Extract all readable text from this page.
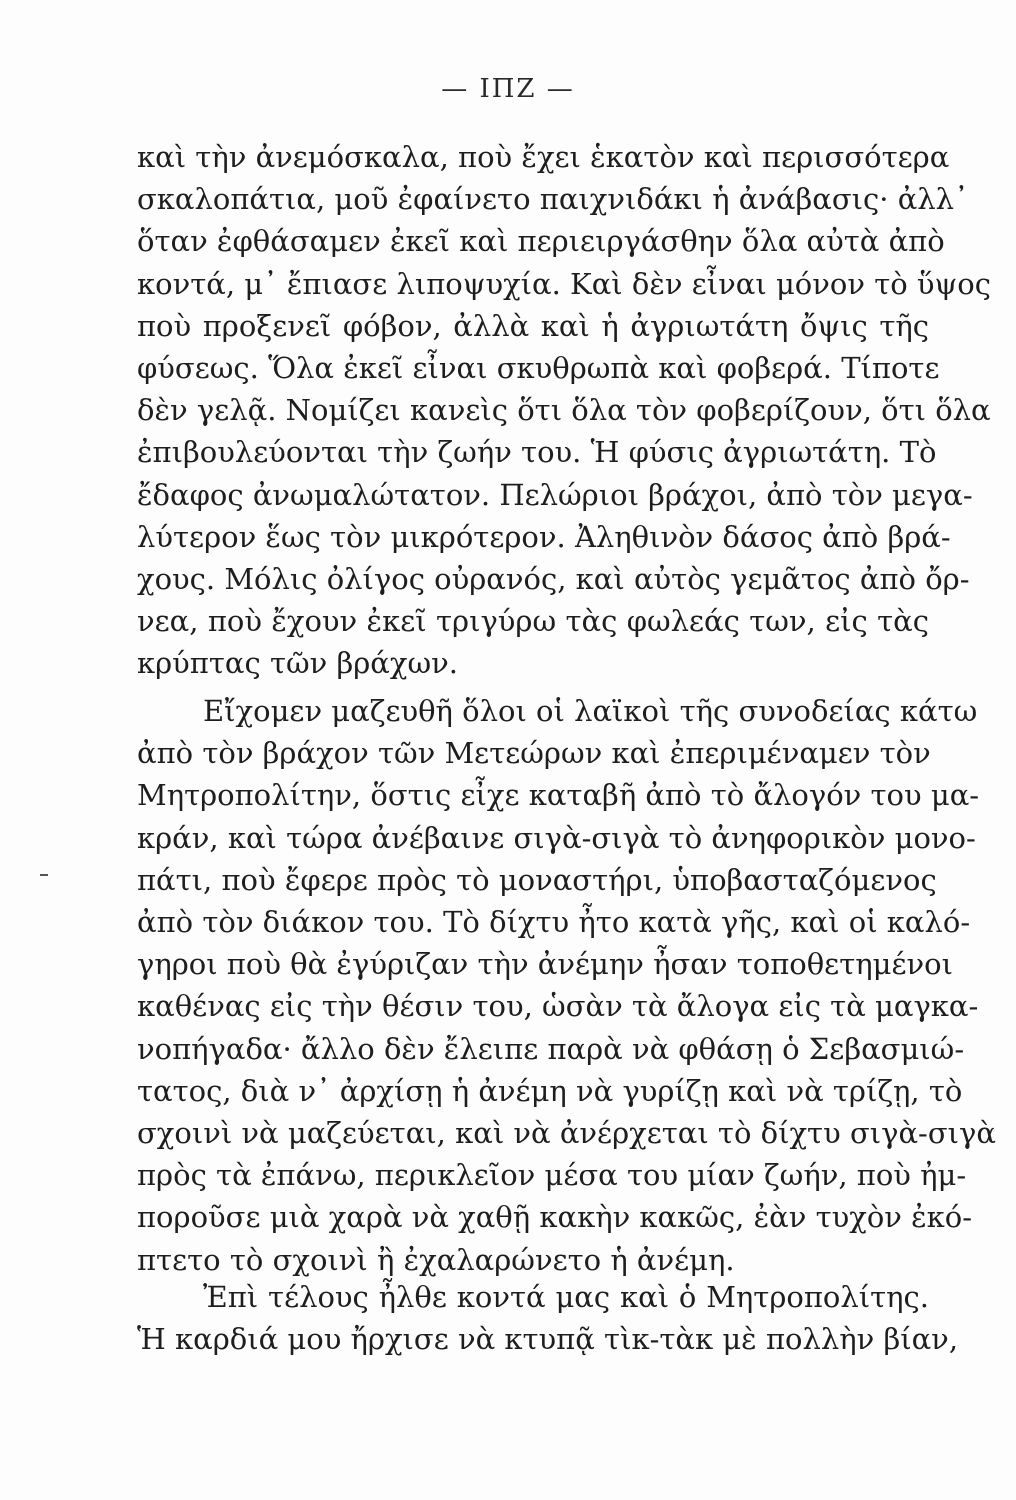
— ΙΠΖ —
καὶ τὴν ἀνεμόσκαλα, ποὺ ἔχει ἑκατὸν καὶ περισσότερα
σκαλοπάτια, μοῦ ἐφαίνετο παιχνιδάκι ἡ ἀνάβασις· ἀλλ᾽
ὅταν ἐφθάσαμεν ἐκεῖ καὶ περιειργάσθην ὅλα αὐτὰ ἀπὸ
κοντά, μ᾽ ἔπιασε λιποψυχία. Καὶ δὲν εἶναι μόνον τὸ ὕψος
ποὺ προξενεῖ φόβον, ἀλλὰ καὶ ἡ ἀγριωτάτη ὄψις τῆς
φύσεως. Ὅλα ἐκεῖ εἶναι σκυθρωπὰ καὶ φοβερά. Τίποτε
δὲν γελᾷ. Νομίζει κανεὶς ὅτι ὅλα τὸν φοβερίζουν, ὅτι ὅλα
ἐπιβουλεύονται τὴν ζωήν του. Ἡ φύσις ἀγριωτάτη. Τὸ
ἔδαφος ἀνωμαλώτατον. Πελώριοι βράχοι, ἀπὸ τὸν μεγα-
λύτερον ἕως τὸν μικρότερον. Ἀληθινὸν δάσος ἀπὸ βρά-
χους. Μόλις ὀλίγος οὐρανός, καὶ αὐτὸς γεμᾶτος ἀπὸ ὄρ-
νεα, ποὺ ἔχουν ἐκεῖ τριγύρω τὰς φωλεάς των, εἰς τὰς
κρύπτας τῶν βράχων.
Εἴχομεν μαζευθῆ ὅλοι οἱ λαϊκοὶ τῆς συνοδείας κάτω
ἀπὸ τὸν βράχον τῶν Μετεώρων καὶ ἐπεριμέναμεν τὸν
Μητροπολίτην, ὅστις εἶχε καταβῆ ἀπὸ τὸ ἄλογόν του μα-
κράν, καὶ τώρα ἀνέβαινε σιγὰ-σιγὰ τὸ ἀνηφορικὸν μονο-
πάτι, ποὺ ἔφερε πρὸς τὸ μοναστήρι, ὑποβασταζόμενος
ἀπὸ τὸν διάκον του. Τὸ δίχτυ ἦτο κατὰ γῆς, καὶ οἱ καλό-
γηροι ποὺ θὰ ἐγύριζαν τὴν ἀνέμην ἦσαν τοποθετημένοι
καθένας εἰς τὴν θέσιν του, ὡσὰν τὰ ἄλογα εἰς τὰ μαγκα-
νοπήγαδα· ἄλλο δὲν ἔλειπε παρὰ νὰ φθάσῃ ὁ Σεβασμιώ-
τατος, διὰ ν᾽ ἀρχίσῃ ἡ ἀνέμη νὰ γυρίζῃ καὶ νὰ τρίζῃ, τὸ
σχοινὶ νὰ μαζεύεται, καὶ νὰ ἀνέρχεται τὸ δίχτυ σιγὰ-σιγὰ
πρὸς τὰ ἐπάνω, περικλεῖον μέσα του μίαν ζωήν, ποὺ ἠμ-
ποροῦσε μιὰ χαρὰ νὰ χαθῇ κακὴν κακῶς, ἐὰν τυχὸν ἐκό-
πτετο τὸ σχοινὶ ἢ ἐχαλαρώνετο ἡ ἀνέμη.
Ἐπὶ τέλους ἦλθε κοντά μας καὶ ὁ Μητροπολίτης.
Ἡ καρδιά μου ἤρχισε νὰ κτυπᾷ τὶκ-τὰκ μὲ πολλὴν βίαν,
